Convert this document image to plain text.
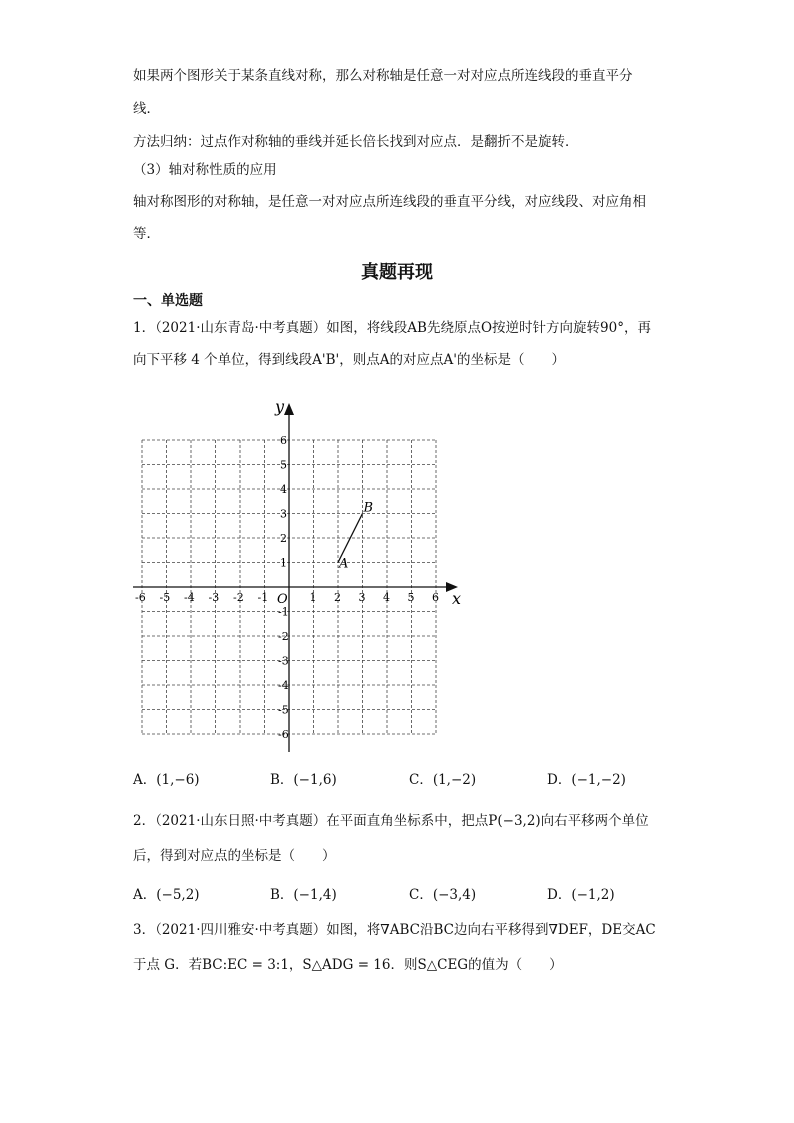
如果两个图形关于某条直线对称，那么对称轴是任意一对对应点所连线段的垂直平分
线．
方法归纳：过点作对称轴的垂线并延长倍长找到对应点．是翻折不是旋转．
（3）轴对称性质的应用
轴对称图形的对称轴，是任意一对对应点所连线段的垂直平分线，对应线段、对应角相
等．
真题再现
一、单选题
1．（2021·山东青岛·中考真题）如图，将线段AB先绕原点O按逆时针方向旋转90°，再
向下平移 4 个单位，得到线段A'B'，则点A的对应点A'的坐标是（　　）
-6 -5 -4 -3 -2 -1	1 2 3 4 5 6
6
5
4
3
2
1
-1
-2
-3
-4
-5
-6
A
B
x
y
O
A．(1,−6)	B．(−1,6)	C．(1,−2)	D．(−1,−2)
2．（2021·山东日照·中考真题）在平面直角坐标系中，把点P(−3,2)向右平移两个单位
后，得到对应点的坐标是（　　）
A．(−5,2)	B．(−1,4)	C．(−3,4)	D．(−1,2)
3．（2021·四川雅安·中考真题）如图，将∇ABC沿BC边向右平移得到∇DEF，DE交AC
于点 G．若BC:EC = 3:1，S△ADG = 16．则S△CEG的值为（　　）
